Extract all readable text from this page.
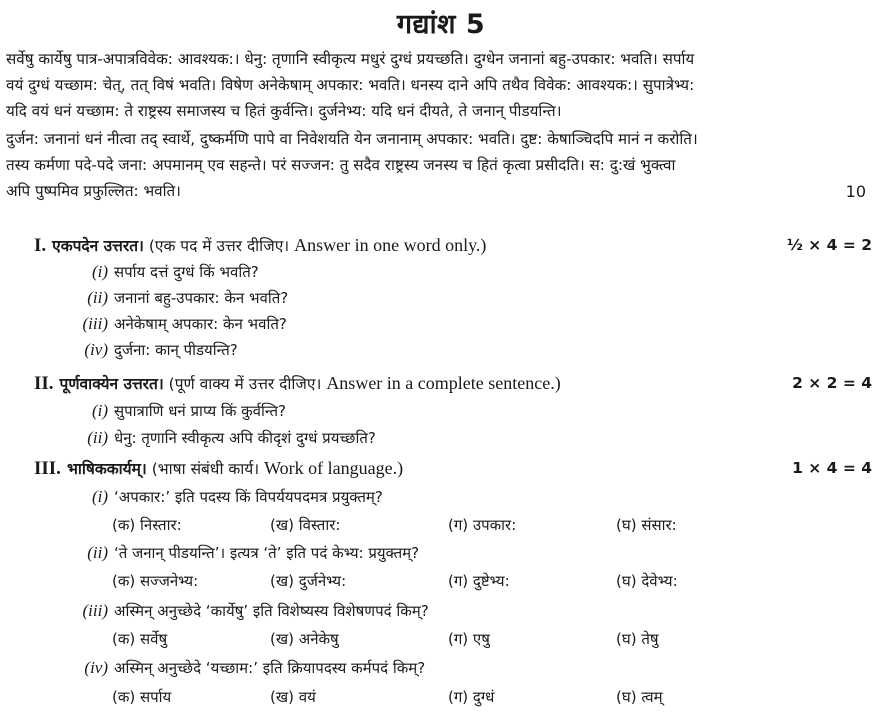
गद्यांश 5
सर्वेषु कार्येषु पात्र-अपात्रविवेक: आवश्यक:। धेनु: तृणानि स्वीकृत्य मधुरं दुग्धं प्रयच्छति। दुग्धेन जनानां बहु-उपकार: भवति। सर्पाय
वयं दुग्धं यच्छाम: चेत्, तत् विषं भवति। विषेण अनेकेषाम् अपकार: भवति। धनस्य दाने अपि तथैव विवेक: आवश्यक:। सुपात्रेभ्य:
यदि वयं धनं यच्छाम: ते राष्ट्रस्य समाजस्य च हितं कुर्वन्ति। दुर्जनेभ्य: यदि धनं दीयते, ते जनान् पीडयन्ति।
दुर्जन: जनानां धनं नीत्वा तद् स्वार्थे, दुष्कर्मणि पापे वा निवेशयति येन जनानाम् अपकार: भवति। दुष्ट: केषाञ्चिदपि मानं न करोति।
तस्य कर्मणा पदे-पदे जना: अपमानम् एव सहन्ते। परं सज्जन: तु सदैव राष्ट्रस्य जनस्य च हितं कृत्वा प्रसीदति। स: दु:खं भुक्त्वा
अपि पुष्पमिव प्रफुल्लित: भवति।	10
I. एकपदेन उत्तरत। (एक पद में उत्तर दीजिए। Answer in one word only.)	½ × 4 = 2
(i) सर्पाय दत्तं दुग्धं किं भवति?
(ii) जनानां बहु-उपकार: केन भवति?
(iii) अनेकेषाम् अपकार: केन भवति?
(iv) दुर्जना: कान् पीडयन्ति?
II. पूर्णवाक्येन उत्तरत। (पूर्ण वाक्य में उत्तर दीजिए। Answer in a complete sentence.)	2 × 2 = 4
(i) सुपात्राणि धनं प्राप्य किं कुर्वन्ति?
(ii) धेनु: तृणानि स्वीकृत्य अपि कीदृशं दुग्धं प्रयच्छति?
III. भाषिककार्यम्। (भाषा संबंधी कार्य। Work of language.)	1 × 4 = 4
(i) ‘अपकार:’ इति पदस्य किं विपर्ययपदमत्र प्रयुक्तम्?
(क) निस्तार:	(ख) विस्तार:	(ग) उपकार:	(घ) संसार:
(ii) ‘ते जनान् पीडयन्ति’। इत्यत्र ‘ते’ इति पदं केभ्य: प्रयुक्तम्?
(क) सज्जनेभ्य:	(ख) दुर्जनेभ्य:	(ग) दुष्टेभ्य:	(घ) देवेभ्य:
(iii) अस्मिन् अनुच्छेदे ‘कार्येषु’ इति विशेष्यस्य विशेषणपदं किम्?
(क) सर्वेषु	(ख) अनेकेषु	(ग) एषु	(घ) तेषु
(iv) अस्मिन् अनुच्छेदे ‘यच्छाम:’ इति क्रियापदस्य कर्मपदं किम्?
(क) सर्पाय	(ख) वयं	(ग) दुग्धं	(घ) त्वम्
